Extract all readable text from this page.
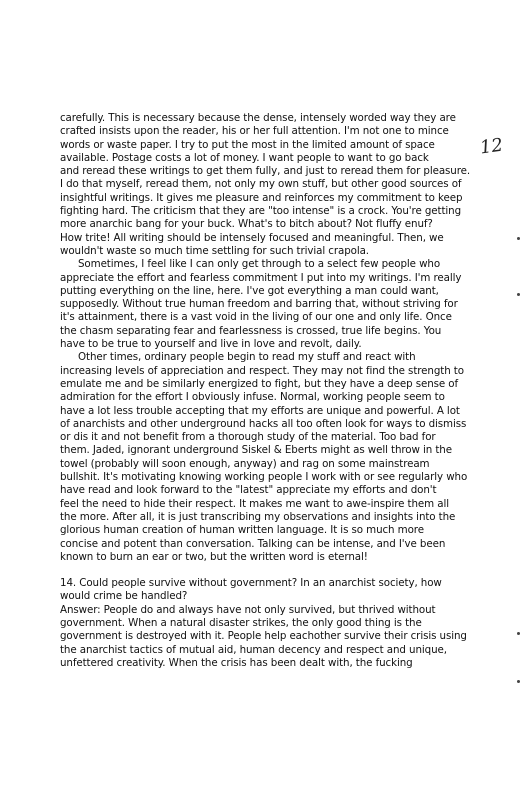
12
carefully. This is necessary because the dense, intensely worded way they are
crafted insists upon the reader, his or her full attention. I'm not one to mince
words or waste paper. I try to put the most in the limited amount of space
available. Postage costs a lot of money. I want people to want to go back
and reread these writings to get them fully, and just to reread them for pleasure.
I do that myself, reread them, not only my own stuff, but other good sources of
insightful writings. It gives me pleasure and reinforces my commitment to keep
fighting hard. The criticism that they are "too intense" is a crock. You're getting
more anarchic bang for your buck. What's to bitch about? Not fluffy enuf?
How trite! All writing should be intensely focused and meaningful. Then, we
wouldn't waste so much time settling for such trivial crapola.
Sometimes, I feel like I can only get through to a select few people who
appreciate the effort and fearless commitment I put into my writings. I'm really
putting everything on the line, here. I've got everything a man could want,
supposedly. Without true human freedom and barring that, without striving for
it's attainment, there is a vast void in the living of our one and only life. Once
the chasm separating fear and fearlessness is crossed, true life begins. You
have to be true to yourself and live in love and revolt, daily.
Other times, ordinary people begin to read my stuff and react with
increasing levels of appreciation and respect. They may not find the strength to
emulate me and be similarly energized to fight, but they have a deep sense of
admiration for the effort I obviously infuse. Normal, working people seem to
have a lot less trouble accepting that my efforts are unique and powerful. A lot
of anarchists and other underground hacks all too often look for ways to dismiss
or dis it and not benefit from a thorough study of the material. Too bad for
them. Jaded, ignorant underground Siskel & Eberts might as well throw in the
towel (probably will soon enough, anyway) and rag on some mainstream
bullshit. It's motivating knowing working people I work with or see regularly who
have read and look forward to the "latest" appreciate my efforts and don't
feel the need to hide their respect. It makes me want to awe-inspire them all
the more. After all, it is just transcribing my observations and insights into the
glorious human creation of human written language. It is so much more
concise and potent than conversation. Talking can be intense, and I've been
known to burn an ear or two, but the written word is eternal!
14. Could people survive without government? In an anarchist society, how
would crime be handled?
Answer: People do and always have not only survived, but thrived without
government. When a natural disaster strikes, the only good thing is the
government is destroyed with it. People help eachother survive their crisis using
the anarchist tactics of mutual aid, human decency and respect and unique,
unfettered creativity. When the crisis has been dealt with, the fucking
